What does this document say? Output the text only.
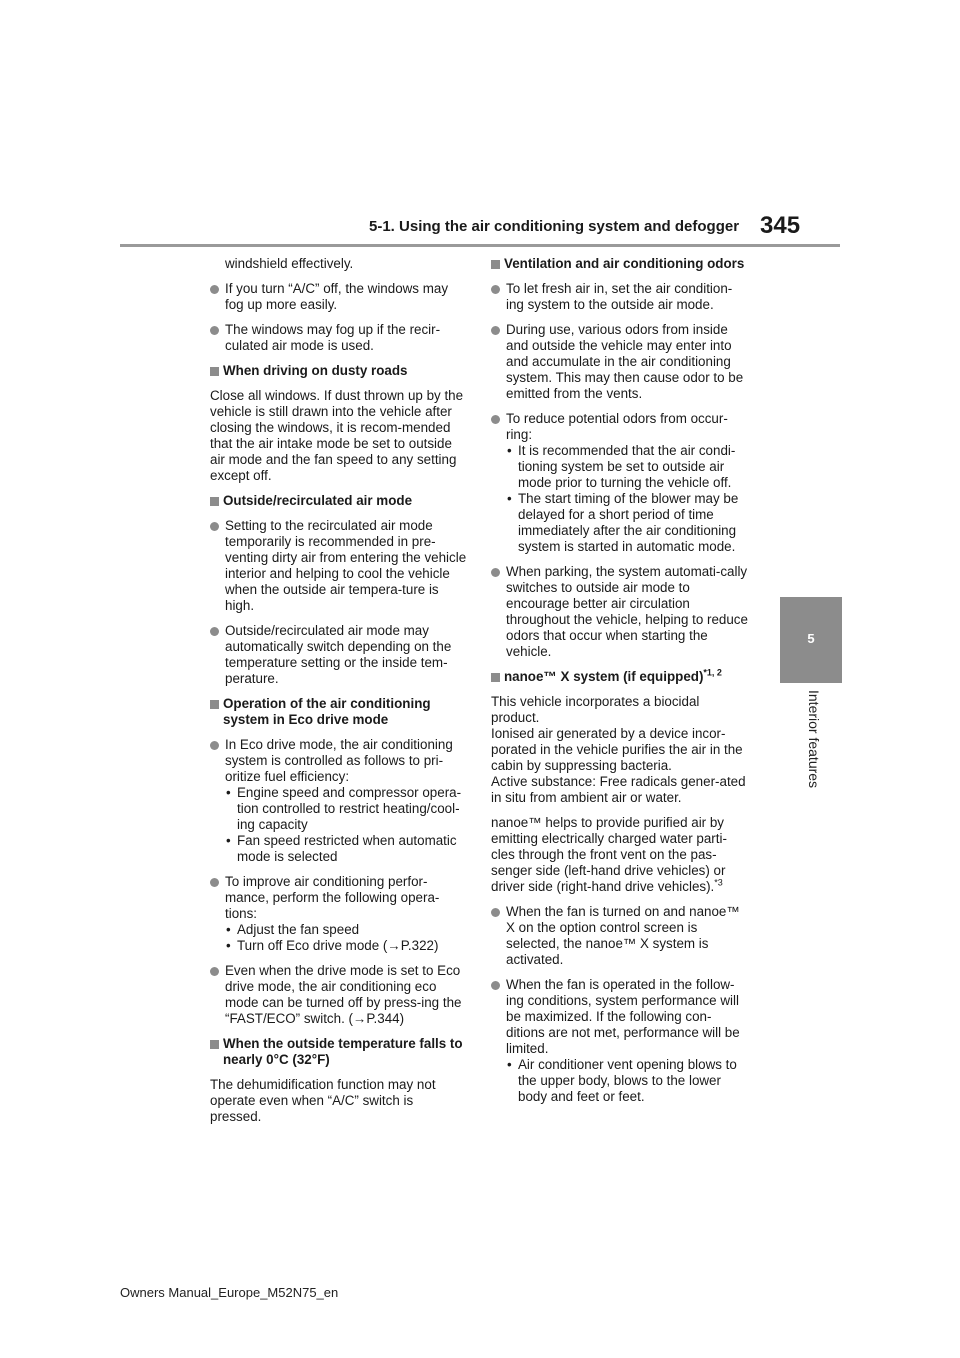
5-1. Using the air conditioning system and defogger 345
5
Interior features
windshield effectively.
If you turn “A/C” off, the windows may fog up more easily.
The windows may fog up if the recir-culated air mode is used.
When driving on dusty roads
Close all windows. If dust thrown up by the vehicle is still drawn into the vehicle after closing the windows, it is recom-mended that the air intake mode be set to outside air mode and the fan speed to any setting except off.
Outside/recirculated air mode
Setting to the recirculated air mode temporarily is recommended in pre-venting dirty air from entering the vehicle interior and helping to cool the vehicle when the outside air tempera-ture is high.
Outside/recirculated air mode may automatically switch depending on the temperature setting or the inside tem-perature.
Operation of the air conditioning system in Eco drive mode
In Eco drive mode, the air conditioning system is controlled as follows to pri-oritize fuel efficiency:
• Engine speed and compressor opera-tion controlled to restrict heating/cool-ing capacity
• Fan speed restricted when automatic mode is selected
To improve air conditioning perfor-mance, perform the following opera-tions:
• Adjust the fan speed
• Turn off Eco drive mode (→P.322)
Even when the drive mode is set to Eco drive mode, the air conditioning eco mode can be turned off by press-ing the “FAST/ECO” switch. (→P.344)
When the outside temperature falls to nearly 0°C (32°F)
The dehumidification function may not operate even when “A/C” switch is pressed.
Ventilation and air conditioning odors
To let fresh air in, set the air condition-ing system to the outside air mode.
During use, various odors from inside and outside the vehicle may enter into and accumulate in the air conditioning system. This may then cause odor to be emitted from the vents.
To reduce potential odors from occur-ring:
• It is recommended that the air condi-tioning system be set to outside air mode prior to turning the vehicle off.
• The start timing of the blower may be delayed for a short period of time immediately after the air conditioning system is started in automatic mode.
When parking, the system automati-cally switches to outside air mode to encourage better air circulation throughout the vehicle, helping to reduce odors that occur when starting the vehicle.
nanoe™ X system (if equipped)$^{*1, 2}$
This vehicle incorporates a biocidal product.
Ionised air generated by a device incor-porated in the vehicle purifies the air in the cabin by suppressing bacteria.
Active substance: Free radicals gener-ated in situ from ambient air or water.
nanoe™ helps to provide purified air by emitting electrically charged water parti-cles through the front vent on the pas-senger side (left-hand drive vehicles) or driver side (right-hand drive vehicles).$^{*3}$
When the fan is turned on and nanoe™ X on the option control screen is selected, the nanoe™ X system is activated.
When the fan is operated in the follow-ing conditions, system performance will be maximized. If the following con-ditions are not met, performance will be limited.
• Air conditioner vent opening blows to the upper body, blows to the lower body and feet or feet.
Owners Manual_Europe_M52N75_en
